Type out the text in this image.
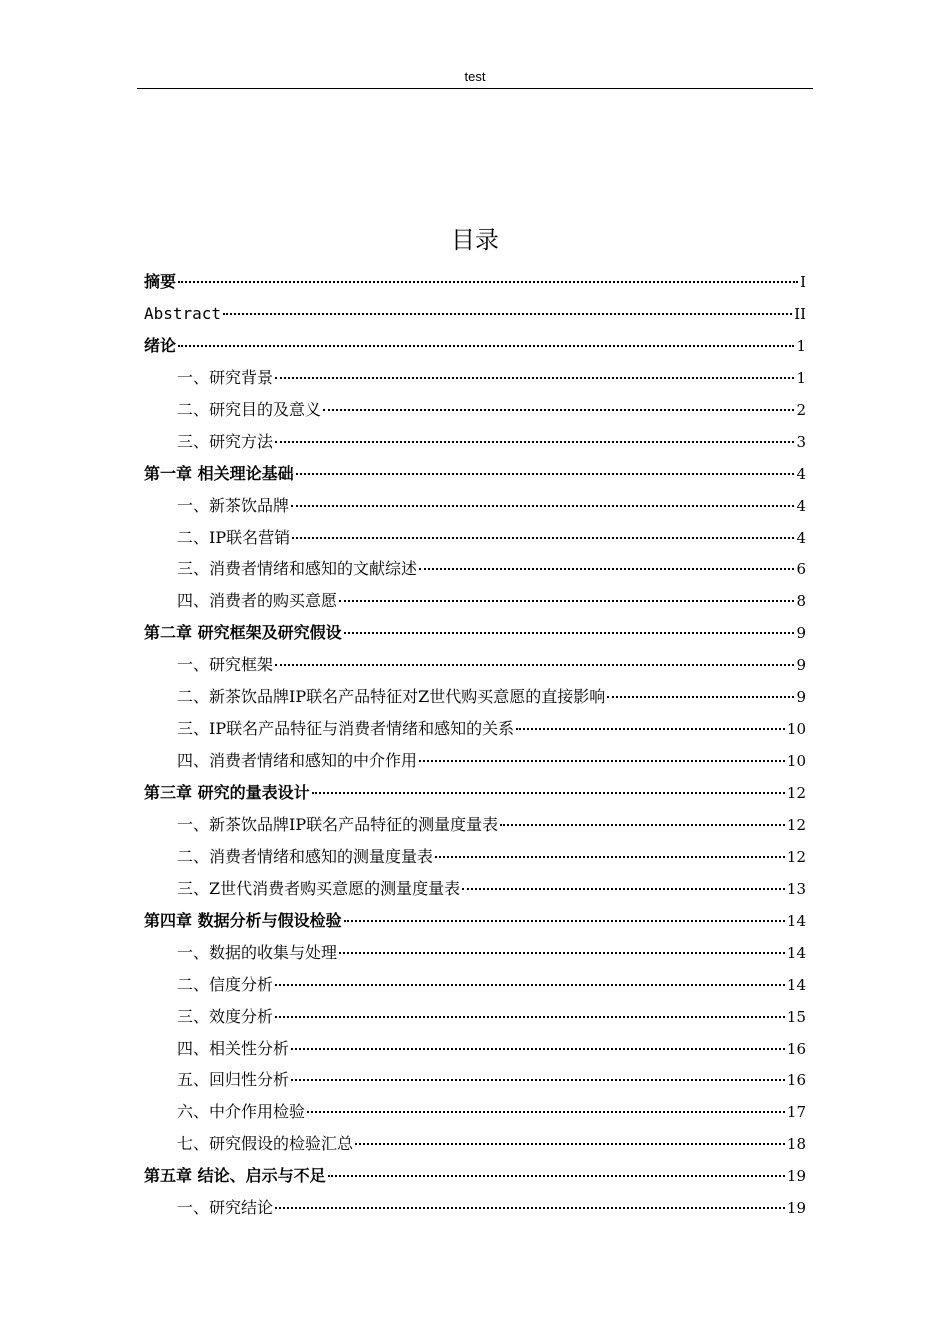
test
目录
摘要	I
Abstract	II
绪论	1
一、研究背景	1
二、研究目的及意义	2
三、研究方法	3
第一章 相关理论基础	4
一、新茶饮品牌	4
二、IP联名营销	4
三、消费者情绪和感知的文献综述	6
四、消费者的购买意愿	8
第二章 研究框架及研究假设	9
一、研究框架	9
二、新茶饮品牌IP联名产品特征对Z世代购买意愿的直接影响	9
三、IP联名产品特征与消费者情绪和感知的关系	10
四、消费者情绪和感知的中介作用	10
第三章 研究的量表设计	12
一、新茶饮品牌IP联名产品特征的测量度量表	12
二、消费者情绪和感知的测量度量表	12
三、Z世代消费者购买意愿的测量度量表	13
第四章 数据分析与假设检验	14
一、数据的收集与处理	14
二、信度分析	14
三、效度分析	15
四、相关性分析	16
五、回归性分析	16
六、中介作用检验	17
七、研究假设的检验汇总	18
第五章 结论、启示与不足	19
一、研究结论	19
